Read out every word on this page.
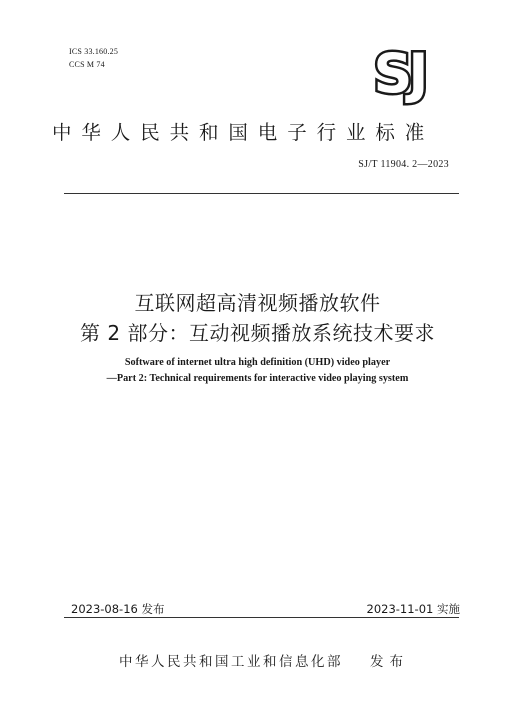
ICS 33.160.25
CCS M 74	SJ
中华人民共和国电子行业标准
SJ/T 11904. 2—2023
互联网超高清视频播放软件
第 2 部分：互动视频播放系统技术要求
Software of internet ultra high definition (UHD) video player
—Part 2: Technical requirements for interactive video playing system
2023-08-16 发布	2023-11-01 实施
中华人民共和国工业和信息化部 发布
